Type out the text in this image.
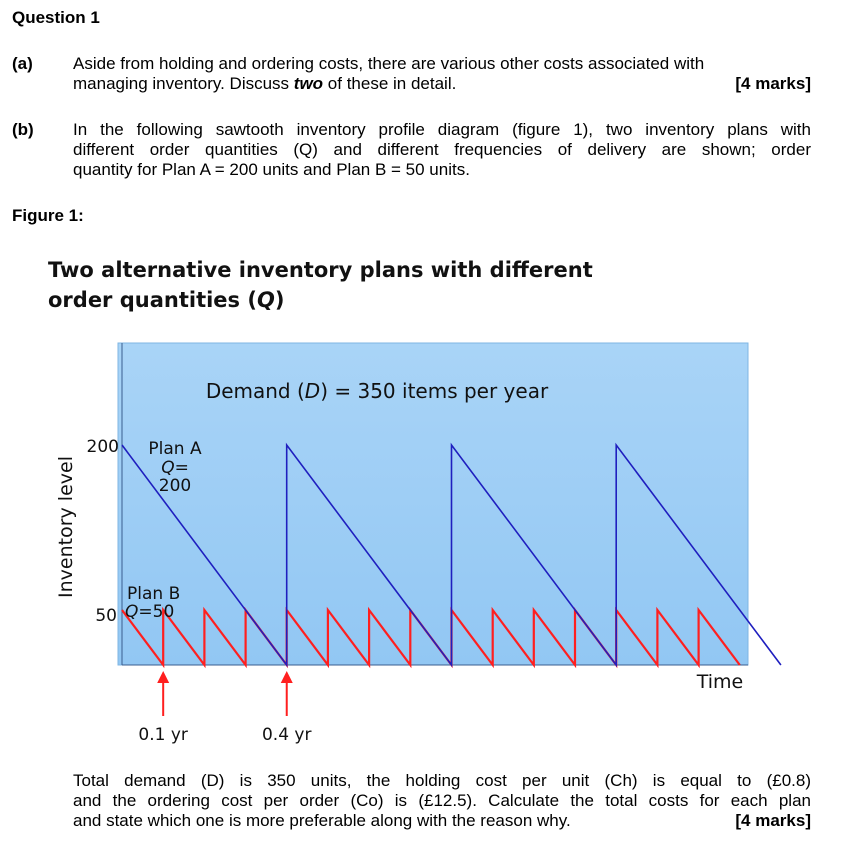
Question 1
(a) Aside from holding and ordering costs, there are various other costs associated with
managing inventory. Discuss two of these in detail.	[4 marks]
(b) In the following sawtooth inventory profile diagram (figure 1), two inventory plans with
different order quantities (Q) and different frequencies of delivery are shown; order
quantity for Plan A = 200 units and Plan B = 50 units.
Figure 1:
Two alternative inventory plans with different
order quantities (Q)
Demand (D) = 350 items per year
Inventory level
200
50
Plan A
Q=
200
Plan B
Q=50
Time
0.1 yr	0.4 yr
Total demand (D) is 350 units, the holding cost per unit (Ch) is equal to (£0.8)
and the ordering cost per order (Co) is (£12.5). Calculate the total costs for each plan
and state which one is more preferable along with the reason why.	[4 marks]
